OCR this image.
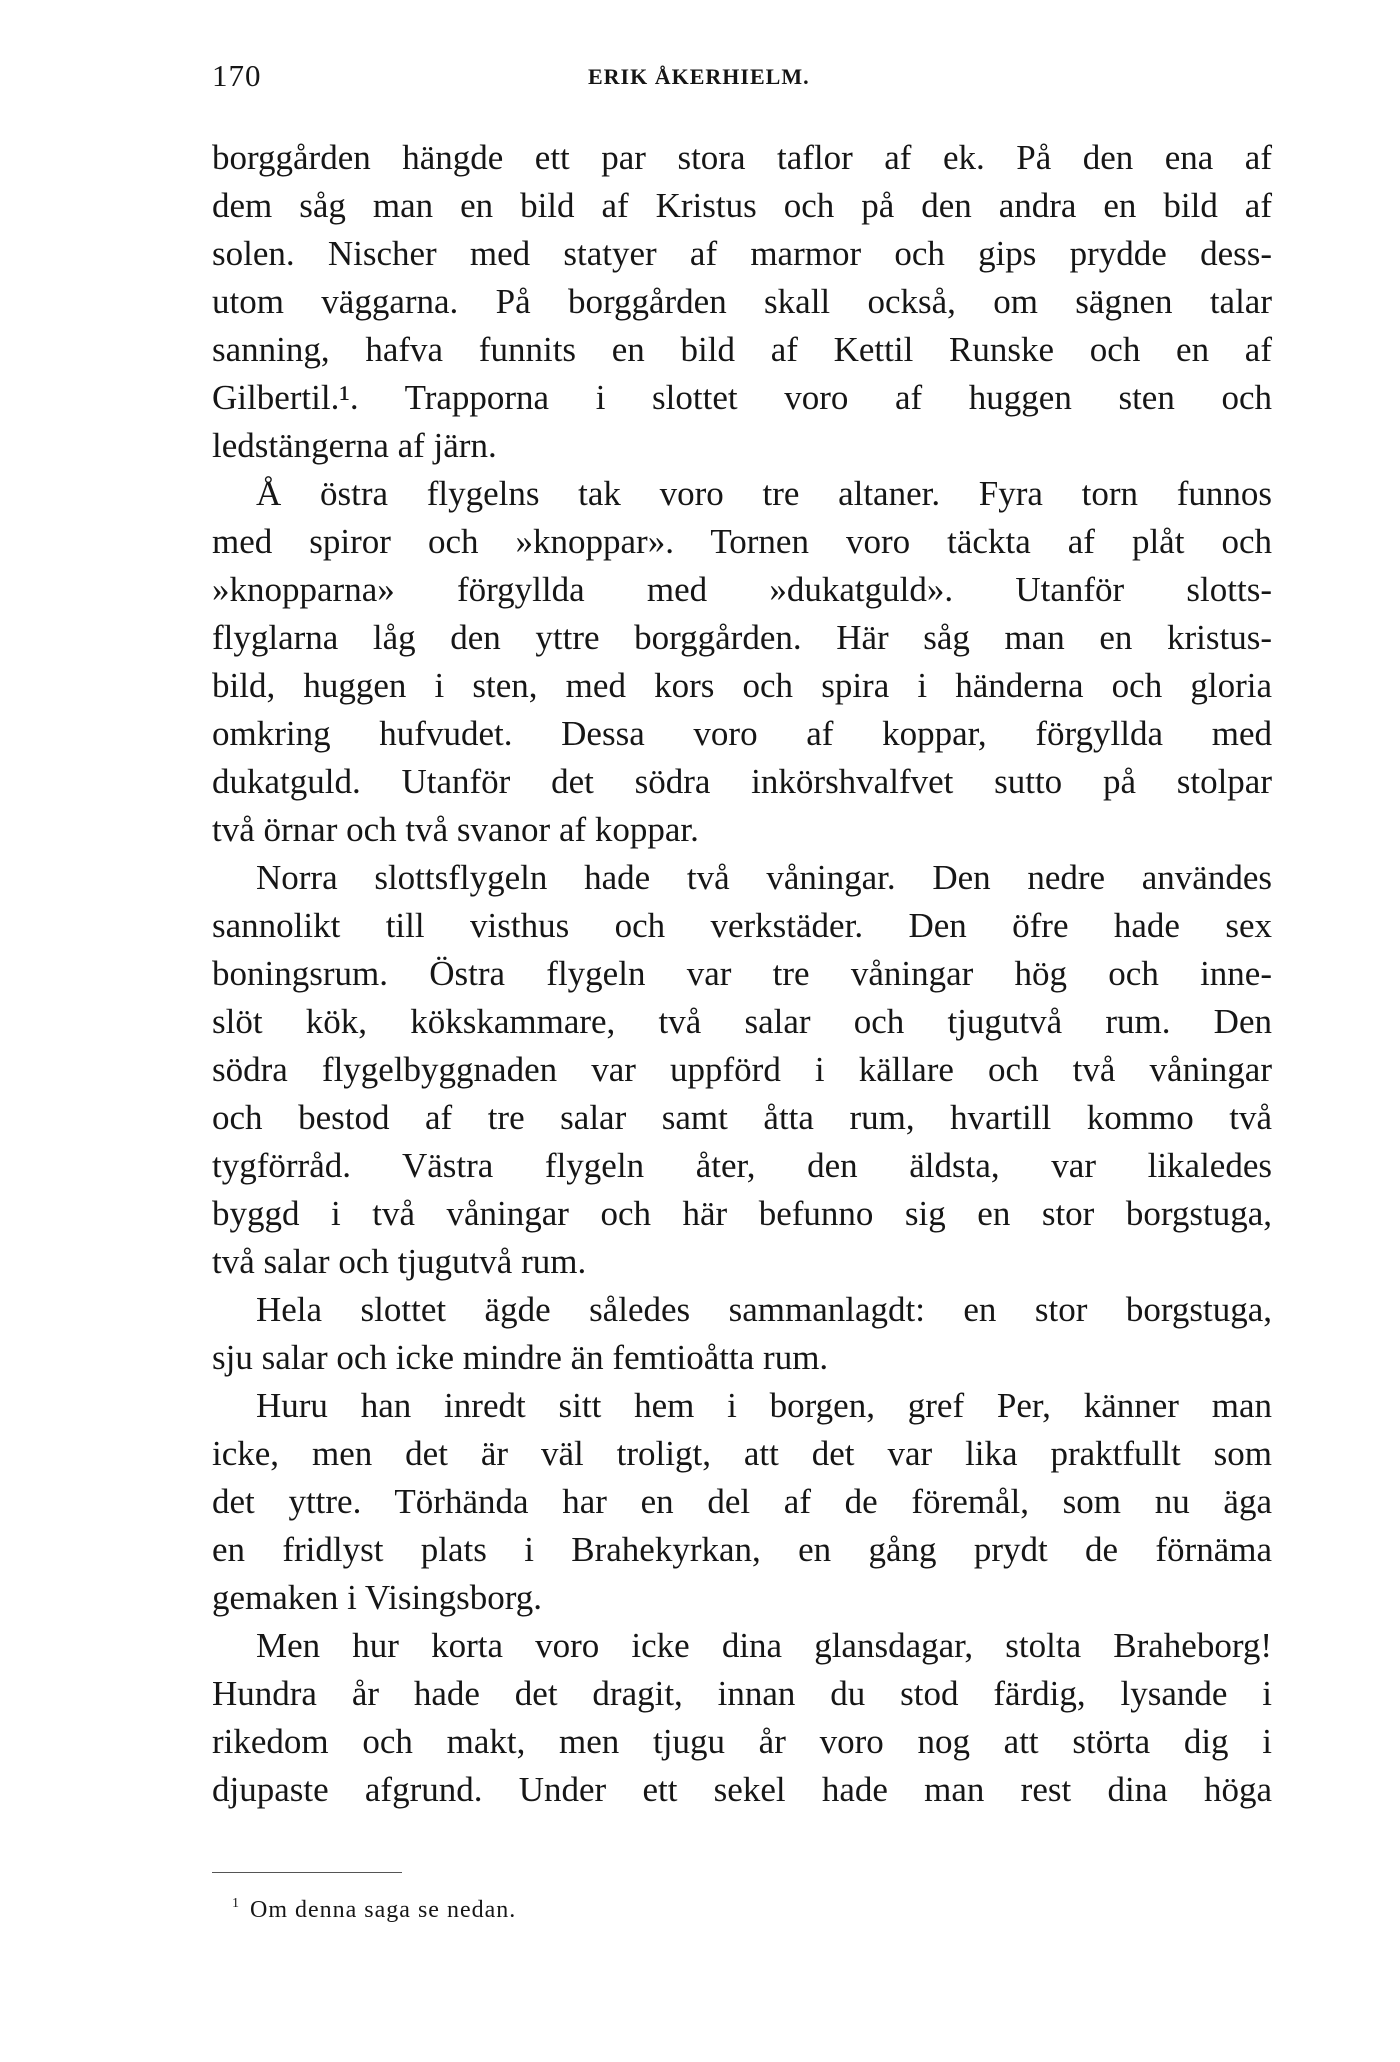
170	ERIK ÅKERHIELM.
borggården hängde ett par stora taflor af ek. På den ena af
dem såg man en bild af Kristus och på den andra en bild af
solen. Nischer med statyer af marmor och gips prydde dess-
utom väggarna. På borggården skall också, om sägnen talar
sanning, hafva funnits en bild af Kettil Runske och en af
Gilbertil.¹. Trapporna i slottet voro af huggen sten och
ledstängerna af järn.
Å östra flygelns tak voro tre altaner. Fyra torn funnos
med spiror och »knoppar». Tornen voro täckta af plåt och
»knopparna» förgyllda med »dukatguld». Utanför slotts-
flyglarna låg den yttre borggården. Här såg man en kristus-
bild, huggen i sten, med kors och spira i händerna och gloria
omkring hufvudet. Dessa voro af koppar, förgyllda med
dukatguld. Utanför det södra inkörshvalfvet sutto på stolpar
två örnar och två svanor af koppar.
Norra slottsflygeln hade två våningar. Den nedre användes
sannolikt till visthus och verkstäder. Den öfre hade sex
boningsrum. Östra flygeln var tre våningar hög och inne-
slöt kök, kökskammare, två salar och tjugutvå rum. Den
södra flygelbyggnaden var uppförd i källare och två våningar
och bestod af tre salar samt åtta rum, hvartill kommo två
tygförråd. Västra flygeln åter, den äldsta, var likaledes
byggd i två våningar och här befunno sig en stor borgstuga,
två salar och tjugutvå rum.
Hela slottet ägde således sammanlagdt: en stor borgstuga,
sju salar och icke mindre än femtioåtta rum.
Huru han inredt sitt hem i borgen, gref Per, känner man
icke, men det är väl troligt, att det var lika praktfullt som
det yttre. Törhända har en del af de föremål, som nu äga
en fridlyst plats i Brahekyrkan, en gång prydt de förnäma
gemaken i Visingsborg.
Men hur korta voro icke dina glansdagar, stolta Braheborg!
Hundra år hade det dragit, innan du stod färdig, lysande i
rikedom och makt, men tjugu år voro nog att störta dig i
djupaste afgrund. Under ett sekel hade man rest dina höga
$^1$ Om denna saga se nedan.
